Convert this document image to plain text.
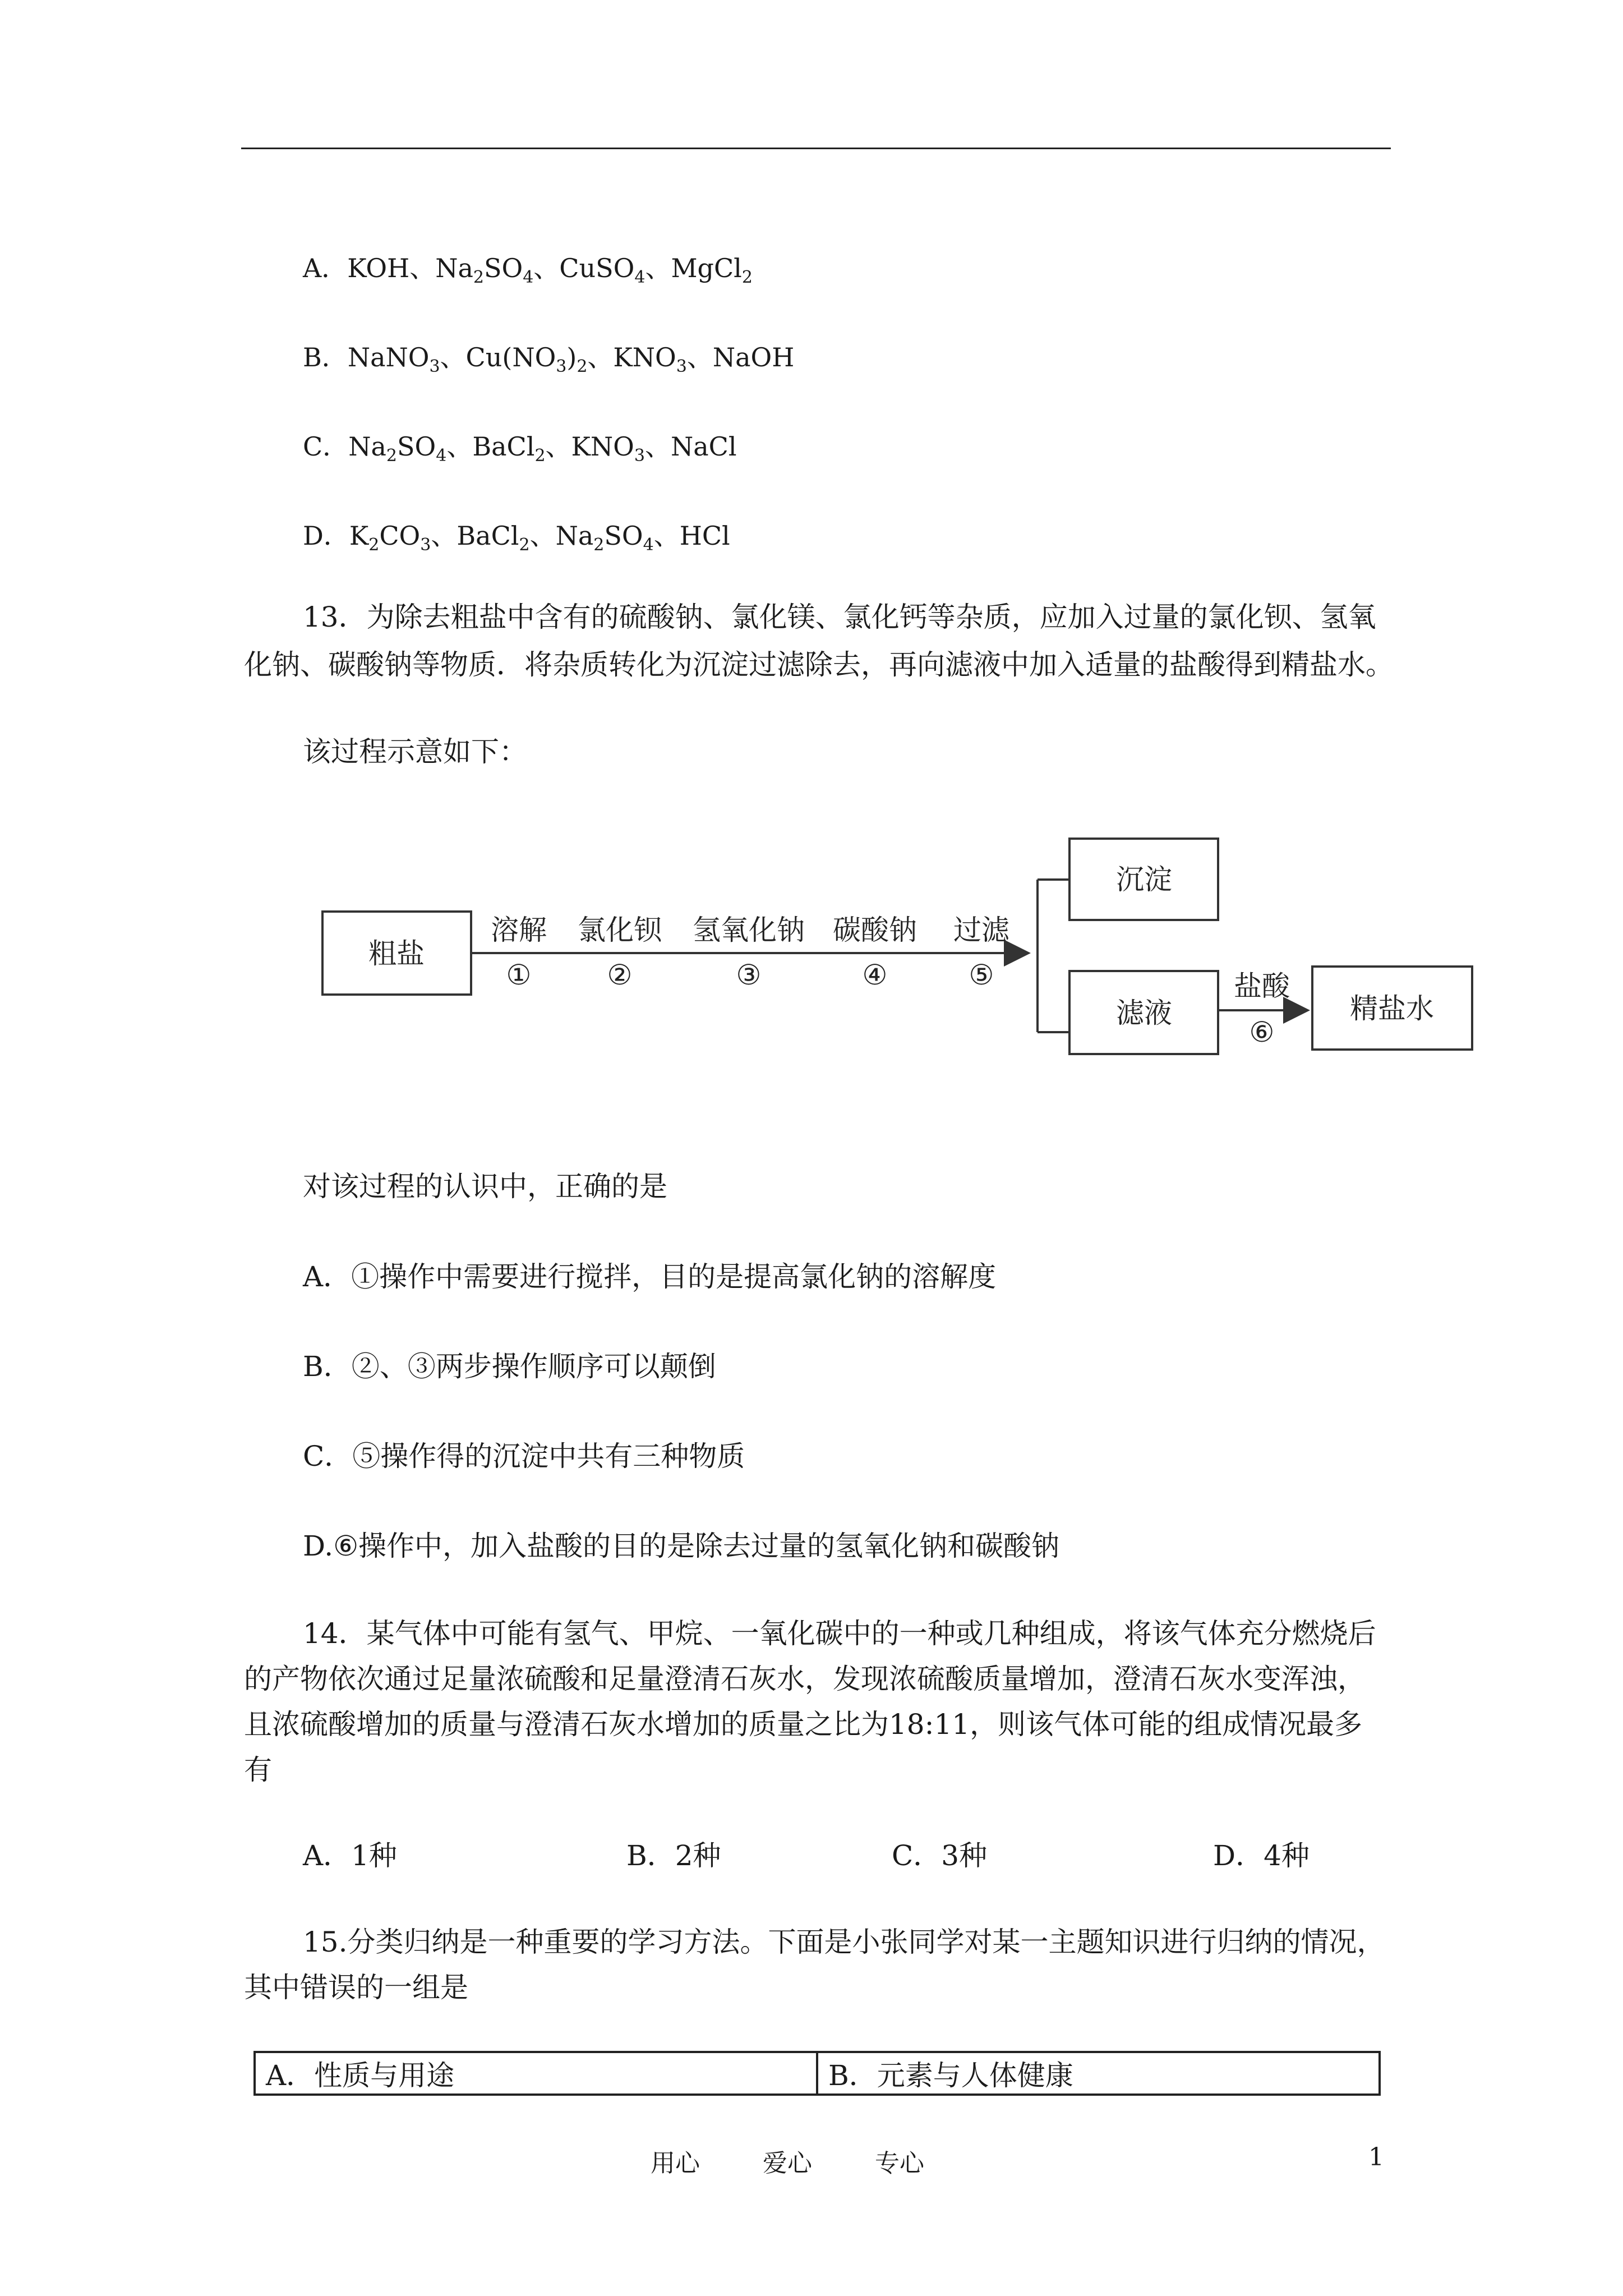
A．KOH、$Na_2SO_4$、CuSO$_4$、MgCl$_2$
B．NaNO$_3$、$Cu(NO_3)_2$、$KNO_3$、NaOH
C．$Na_2SO_4$、BaCl$_2$、$KNO_3$、NaCl
D．$K_2CO_3$、BaCl$_2$、$Na_2SO_4$、HCl
13．为除去粗盐中含有的硫酸钠、氯化镁、氯化钙等杂质，应加入过量的氯化钡、氢氧
化钠、碳酸钠等物质．将杂质转化为沉淀过滤除去，再向滤液中加入适量的盐酸得到精盐水。
该过程示意如下：
粗盐
溶解
①
氯化钡
②
氢氧化钠
③
碳酸钠
④
过滤
⑤
沉淀
滤液
盐酸
⑥
精盐水
对该过程的认识中，正确的是
A．①操作中需要进行搅拌，目的是提高氯化钠的溶解度
B．②、③两步操作顺序可以颠倒
C．⑤操作得的沉淀中共有三种物质
D.⑥操作中，加入盐酸的目的是除去过量的氢氧化钠和碳酸钠
14．某气体中可能有氢气、甲烷、一氧化碳中的一种或几种组成，将该气体充分燃烧后
的产物依次通过足量浓硫酸和足量澄清石灰水，发现浓硫酸质量增加，澄清石灰水变浑浊，
且浓硫酸增加的质量与澄清石灰水增加的质量之比为18:11，则该气体可能的组成情况最多
有
A．1种	B．2种	C．3种	D．4种
15.分类归纳是一种重要的学习方法。下面是小张同学对某一主题知识进行归纳的情况，
其中错误的一组是
A．性质与用途	B．元素与人体健康
用心	爱心	专心	1
